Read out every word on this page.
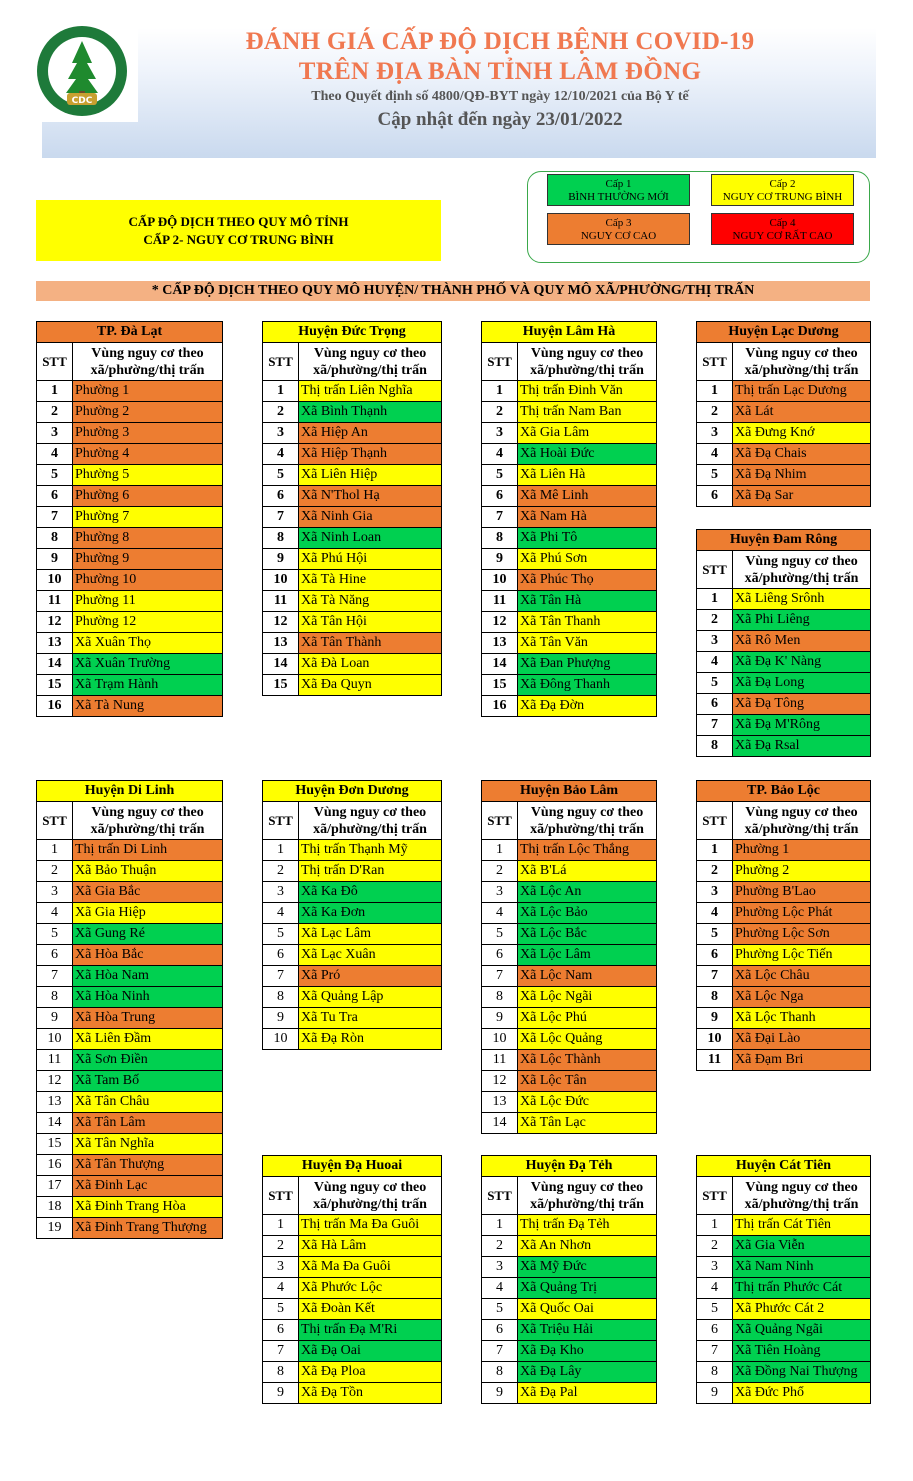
CDC
ĐÁNH GIÁ CẤP ĐỘ DỊCH BỆNH COVID-19
TRÊN ĐỊA BÀN TỈNH LÂM ĐỒNG
Theo Quyết định số 4800/QĐ-BYT ngày 12/10/2021 của Bộ Y tế
Cập nhật đến ngày 23/01/2022
CẤP ĐỘ DỊCH THEO QUY MÔ TỈNH
CẤP 2- NGUY CƠ TRUNG BÌNH
Cấp 1
BÌNH THƯỜNG MỚI
Cấp 2
NGUY CƠ TRUNG BÌNH
Cấp 3
NGUY CƠ CAO
Cấp 4
NGUY CƠ RẤT CAO
* CẤP ĐỘ DỊCH THEO QUY MÔ HUYỆN/ THÀNH PHỐ VÀ QUY MÔ XÃ/PHƯỜNG/THỊ TRẤN
TP. Đà Lạt	
STT	Vùng nguy cơ theo xã/phường/thị trấn
1	Phường 1
2	Phường 2
3	Phường 3
4	Phường 4
5	Phường 5
6	Phường 6
7	Phường 7
8	Phường 8
9	Phường 9
10	Phường 10
11	Phường 11
12	Phường 12
13	Xã Xuân Thọ
14	Xã Xuân Trường
15	Xã Trạm Hành
16	Xã Tà Nung
Huyện Đức Trọng	
STT	Vùng nguy cơ theo xã/phường/thị trấn
1	Thị trấn Liên Nghĩa
2	Xã Bình Thạnh
3	Xã Hiệp An
4	Xã Hiệp Thạnh
5	Xã Liên Hiệp
6	Xã N'Thol Hạ
7	Xã Ninh Gia
8	Xã Ninh Loan
9	Xã Phú Hội
10	Xã Tà Hine
11	Xã Tà Năng
12	Xã Tân Hội
13	Xã Tân Thành
14	Xã Đà Loan
15	Xã Đa Quyn
Huyện Lâm Hà	
STT	Vùng nguy cơ theo xã/phường/thị trấn
1	Thị trấn Đinh Văn
2	Thị trấn Nam Ban
3	Xã Gia Lâm
4	Xã Hoài Đức
5	Xã Liên Hà
6	Xã Mê Linh
7	Xã Nam Hà
8	Xã Phi Tô
9	Xã Phú Sơn
10	Xã Phúc Thọ
11	Xã Tân Hà
12	Xã Tân Thanh
13	Xã Tân Văn
14	Xã Đan Phượng
15	Xã Đông Thanh
16	Xã Đạ Đờn
Huyện Lạc Dương	
STT	Vùng nguy cơ theo xã/phường/thị trấn
1	Thị trấn Lạc Dương
2	Xã Lát
3	Xã Đưng Knớ
4	Xã Đạ Chais
5	Xã Đạ Nhim
6	Xã Đạ Sar
Huyện Đam Rông	
STT	Vùng nguy cơ theo xã/phường/thị trấn
1	Xã Liêng Srônh
2	Xã Phi Liêng
3	Xã Rô Men
4	Xã Đạ K' Nàng
5	Xã Đạ Long
6	Xã Đạ Tông
7	Xã Đạ M'Rông
8	Xã Đạ Rsal
Huyện Di Linh	
STT	Vùng nguy cơ theo xã/phường/thị trấn
1	Thị trấn Di Linh
2	Xã Bảo Thuận
3	Xã Gia Bắc
4	Xã Gia Hiệp
5	Xã Gung Ré
6	Xã Hòa Bắc
7	Xã Hòa Nam
8	Xã Hòa Ninh
9	Xã Hòa Trung
10	Xã Liên Đầm
11	Xã Sơn Điền
12	Xã Tam Bố
13	Xã Tân Châu
14	Xã Tân Lâm
15	Xã Tân Nghĩa
16	Xã Tân Thượng
17	Xã Đinh Lạc
18	Xã Đinh Trang Hòa
19	Xã Đinh Trang Thượng
Huyện Đơn Dương	
STT	Vùng nguy cơ theo xã/phường/thị trấn
1	Thị trấn Thạnh Mỹ
2	Thị trấn D'Ran
3	Xã Ka Đô
4	Xã Ka Đơn
5	Xã Lạc Lâm
6	Xã Lạc Xuân
7	Xã Pró
8	Xã Quảng Lập
9	Xã Tu Tra
10	Xã Đạ Ròn
Huyện Bảo Lâm	
STT	Vùng nguy cơ theo xã/phường/thị trấn
1	Thị trấn Lộc Thắng
2	Xã B'Lá
3	Xã Lộc An
4	Xã Lộc Bảo
5	Xã Lộc Bắc
6	Xã Lộc Lâm
7	Xã Lộc Nam
8	Xã Lộc Ngãi
9	Xã Lộc Phú
10	Xã Lộc Quảng
11	Xã Lộc Thành
12	Xã Lộc Tân
13	Xã Lộc Đức
14	Xã Tân Lạc
TP. Bảo Lộc	
STT	Vùng nguy cơ theo xã/phường/thị trấn
1	Phường 1
2	Phường 2
3	Phường B'Lao
4	Phường Lộc Phát
5	Phường Lộc Sơn
6	Phường Lộc Tiến
7	Xã Lộc Châu
8	Xã Lộc Nga
9	Xã Lộc Thanh
10	Xã Đại Lào
11	Xã Đạm Bri
Huyện Đạ Huoai	
STT	Vùng nguy cơ theo xã/phường/thị trấn
1	Thị trấn Ma Đa Guôi
2	Xã Hà Lâm
3	Xã Ma Đa Guôi
4	Xã Phước Lộc
5	Xã Đoàn Kết
6	Thị trấn Đạ M'Ri
7	Xã Đạ Oai
8	Xã Đạ Ploa
9	Xã Đạ Tồn
Huyện Đạ Tẻh	
STT	Vùng nguy cơ theo xã/phường/thị trấn
1	Thị trấn Đạ Tẻh
2	Xã An Nhơn
3	Xã Mỹ Đức
4	Xã Quảng Trị
5	Xã Quốc Oai
6	Xã Triệu Hải
7	Xã Đạ Kho
8	Xã Đạ Lây
9	Xã Đạ Pal
Huyện Cát Tiên	
STT	Vùng nguy cơ theo xã/phường/thị trấn
1	Thị trấn Cát Tiên
2	Xã Gia Viễn
3	Xã Nam Ninh
4	Thị trấn Phước Cát
5	Xã Phước Cát 2
6	Xã Quảng Ngãi
7	Xã Tiên Hoàng
8	Xã Đồng Nai Thượng
9	Xã Đức Phổ
